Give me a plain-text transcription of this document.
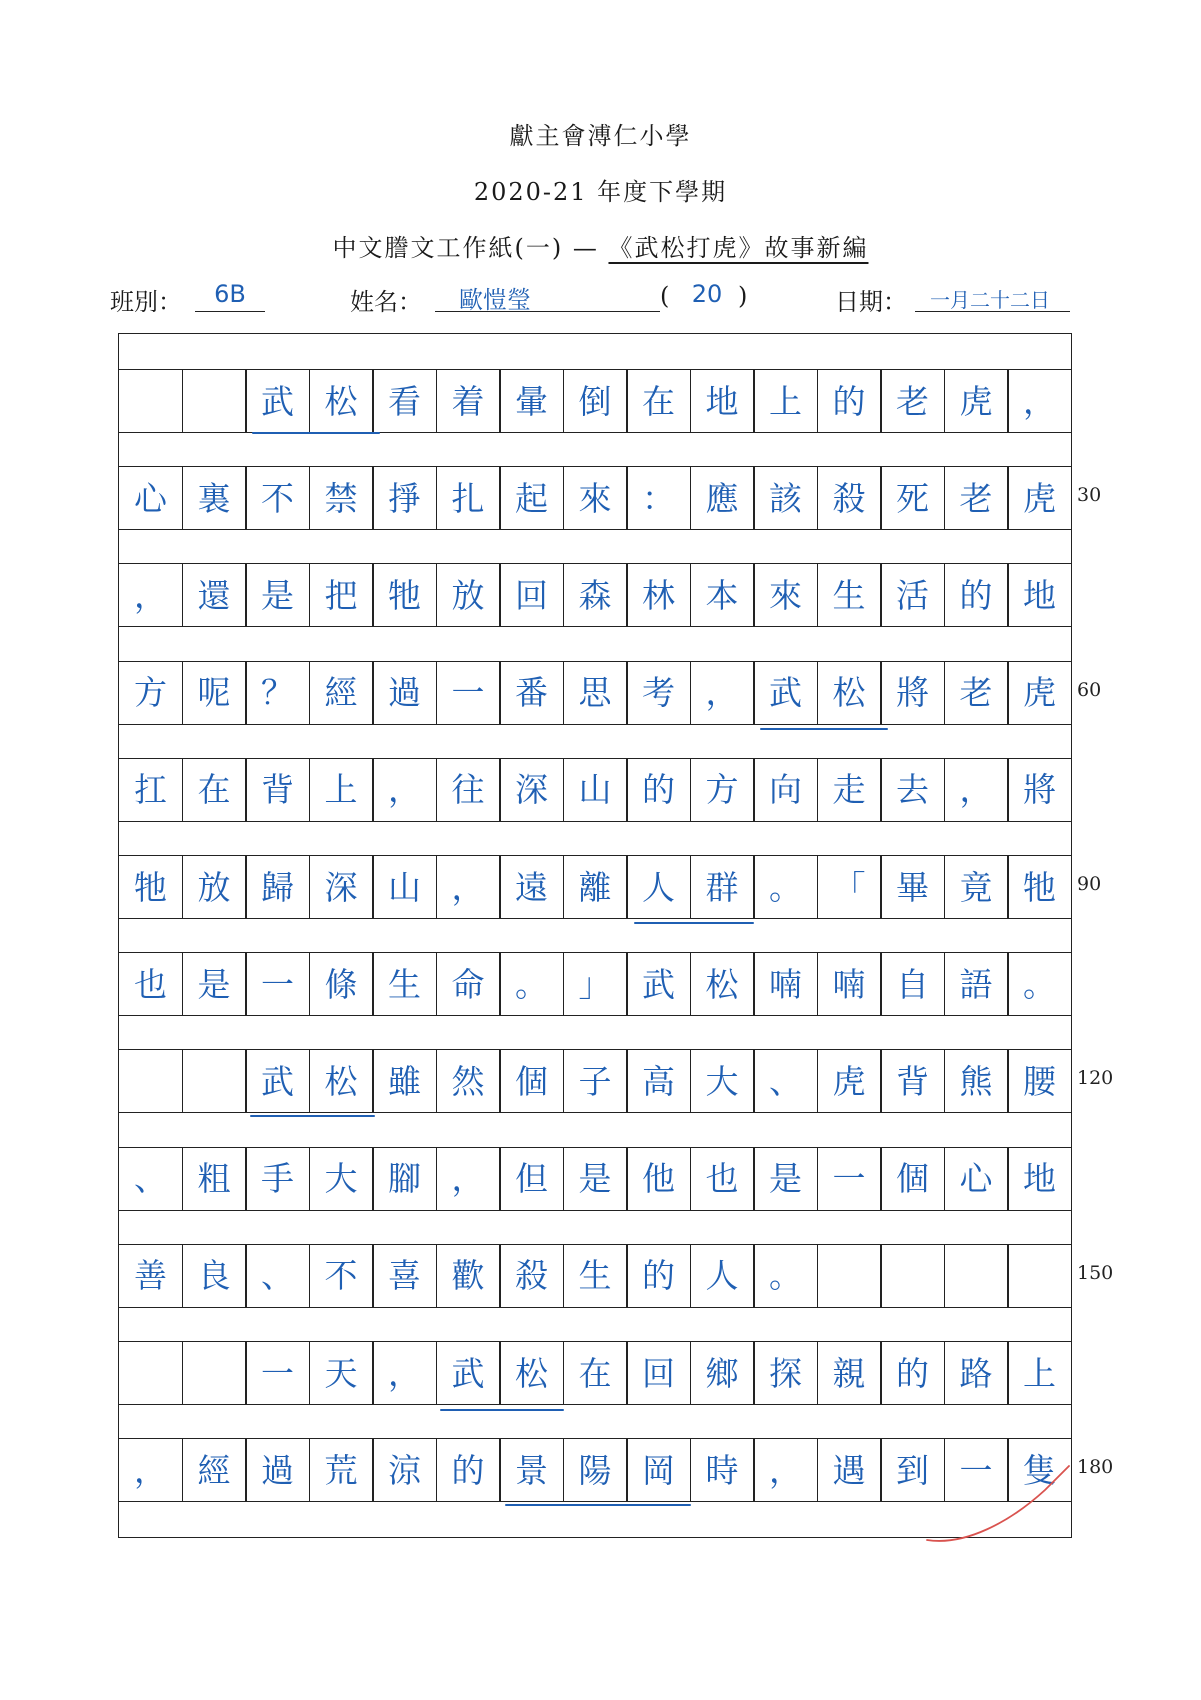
獻主會溥仁小學
2020-21 年度下學期
中文謄文工作紙(一) — 《武松打虎》故事新編
班別：	6B	姓名：	歐愷瑩	( 20 )	日期：	一月二十二日
武 松 看 着 暈 倒 在 地 上 的 老 虎 ，
心 裏 不 禁 掙 扎 起 來 ： 應 該 殺 死 老 虎
， 還 是 把 牠 放 回 森 林 本 來 生 活 的 地
方 呢 ？ 經 過 一 番 思 考 ， 武 松 將 老 虎
扛 在 背 上 ， 往 深 山 的 方 向 走 去 ， 將
牠 放 歸 深 山 ， 遠 離 人 群 。 「 畢 竟 牠
也 是 一 條 生 命 。 」 武 松 喃 喃 自 語 。
武 松 雖 然 個 子 高 大 、 虎 背 熊 腰
、 粗 手 大 腳 ， 但 是 他 也 是 一 個 心 地
善 良 、 不 喜 歡 殺 生 的 人 。
一 天 ， 武 松 在 回 鄉 探 親 的 路 上
， 經 過 荒 涼 的 景 陽 岡 時 ， 遇 到 一 隻
30
60
90
120
150
180
